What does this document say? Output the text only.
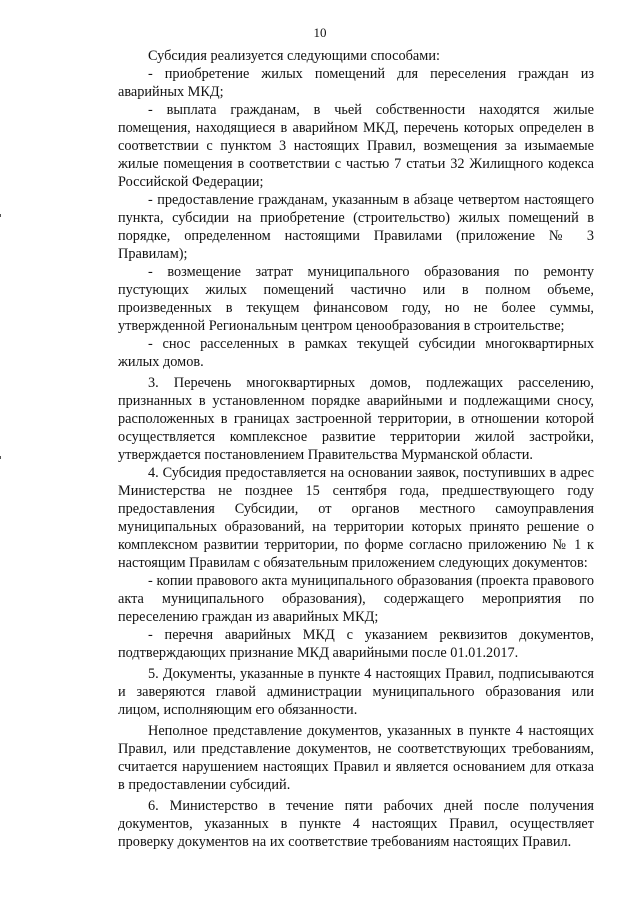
10

Субсидия реализуется следующими способами:

- приобретение жилых помещений для переселения граждан из аварийных МКД;

- выплата гражданам, в чьей собственности находятся жилые помещения, находящиеся в аварийном МКД, перечень которых определен в соответствии с пунктом 3 настоящих Правил, возмещения за изымаемые жилые помещения в соответствии с частью 7 статьи 32 Жилищного кодекса Российской Федерации;

- предоставление гражданам, указанным в абзаце четвертом настоящего пункта, субсидии на приобретение (строительство) жилых помещений в порядке, определенном настоящими Правилами (приложение № 3 Правилам);

- возмещение затрат муниципального образования по ремонту пустующих жилых помещений частично или в полном объеме, произведенных в текущем финансовом году, но не более суммы, утвержденной Региональным центром ценообразования в строительстве;

- снос расселенных в рамках текущей субсидии многоквартирных жилых домов.

3. Перечень многоквартирных домов, подлежащих расселению, признанных в установленном порядке аварийными и подлежащими сносу, расположенных в границах застроенной территории, в отношении которой осуществляется комплексное развитие территории жилой застройки, утверждается постановлением Правительства Мурманской области.

4. Субсидия предоставляется на основании заявок, поступивших в адрес Министерства не позднее 15 сентября года, предшествующего году предоставления Субсидии, от органов местного самоуправления муниципальных образований, на территории которых принято решение о комплексном развитии территории, по форме согласно приложению № 1 к настоящим Правилам с обязательным приложением следующих документов:

- копии правового акта муниципального образования (проекта правового акта муниципального образования), содержащего мероприятия по переселению граждан из аварийных МКД;

- перечня аварийных МКД с указанием реквизитов документов, подтверждающих признание МКД аварийными после 01.01.2017.

5. Документы, указанные в пункте 4 настоящих Правил, подписываются и заверяются главой администрации муниципального образования или лицом, исполняющим его обязанности.

Неполное представление документов, указанных в пункте 4 настоящих Правил, или представление документов, не соответствующих требованиям, считается нарушением настоящих Правил и является основанием для отказа в предоставлении субсидий.

6. Министерство в течение пяти рабочих дней после получения документов, указанных в пункте 4 настоящих Правил, осуществляет проверку документов на их соответствие требованиям настоящих Правил.
